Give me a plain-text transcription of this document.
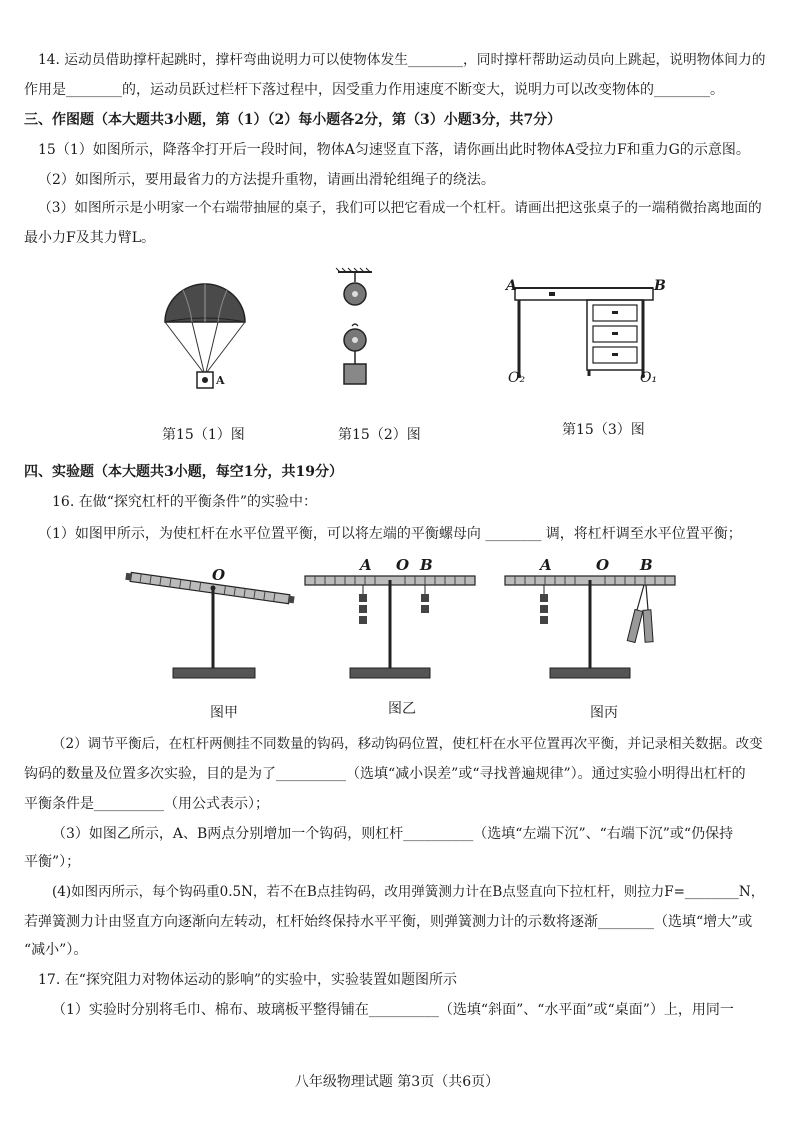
14. 运动员借助撑杆起跳时，撑杆弯曲说明力可以使物体发生________，同时撑杆帮助运动员向上跳起，说明物体间力的
作用是________的，运动员跃过栏杆下落过程中，因受重力作用速度不断变大，说明力可以改变物体的________。
三、作图题（本大题共3小题，第（1）（2）每小题各2分，第（3）小题3分，共7分）
15（1）如图所示，降落伞打开后一段时间，物体A匀速竖直下落，请你画出此时物体A受拉力F和重力G的示意图。
（2）如图所示，要用最省力的方法提升重物，请画出滑轮组绳子的绕法。
（3）如图所示是小明家一个右端带抽屉的桌子，我们可以把它看成一个杠杆。请画出把这张桌子的一端稍微抬离地面的
最小力F及其力臂L。
A
A	B
O₂	O₁
第15（1）图	第15（2）图	第15（3）图
四、实验题（本大题共3小题，每空1分，共19分）
16. 在做“探究杠杆的平衡条件”的实验中：
（1）如图甲所示，为使杠杆在水平位置平衡，可以将左端的平衡螺母向 ________ 调，将杠杆调至水平位置平衡；
O
A O B	A	O B
图甲	图乙	图丙
（2）调节平衡后，在杠杆两侧挂不同数量的钩码，移动钩码位置，使杠杆在水平位置再次平衡，并记录相关数据。改变
钩码的数量及位置多次实验，目的是为了__________（选填“减小误差”或“寻找普遍规律”）。通过实验小明得出杠杆的
平衡条件是__________（用公式表示）；
（3）如图乙所示，A、B两点分别增加一个钩码，则杠杆__________（选填“左端下沉”、“右端下沉”或“仍保持
平衡”）；
(4)如图丙所示，每个钩码重0.5N，若不在B点挂钩码，改用弹簧测力计在B点竖直向下拉杠杆，则拉力F=________N，
若弹簧测力计由竖直方向逐渐向左转动，杠杆始终保持水平平衡，则弹簧测力计的示数将逐渐________（选填“增大”或
“减小”）。
17. 在“探究阻力对物体运动的影响”的实验中，实验装置如题图所示
（1）实验时分别将毛巾、棉布、玻璃板平整得铺在__________（选填“斜面”、“水平面”或“桌面”）上，用同一
八年级物理试题 第3页（共6页）
